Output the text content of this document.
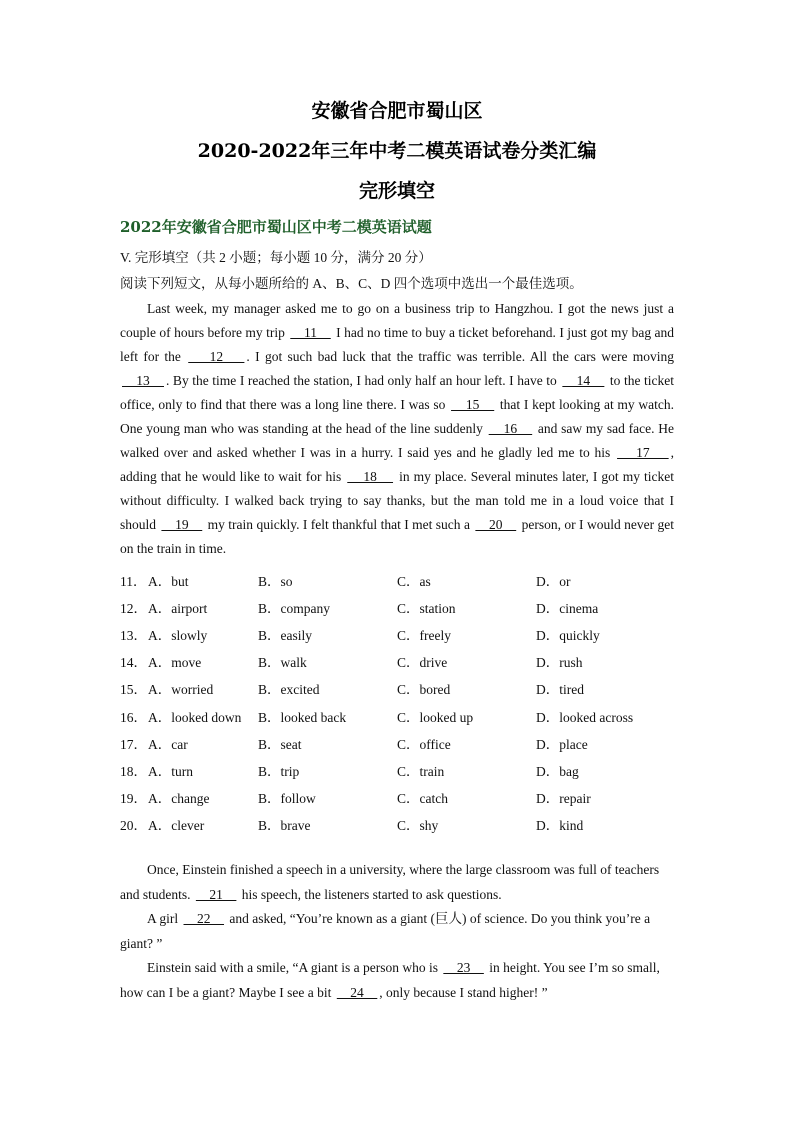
安徽省合肥市蜀山区
2020-2022年三年中考二模英语试卷分类汇编
完形填空
2022年安徽省合肥市蜀山区中考二模英语试题
V. 完形填空（共 2 小题；每小题 10 分，满分 20 分）
阅读下列短文，从每小题所给的 A、B、C、D 四个选项中选出一个最佳选项。

Last week, my manager asked me to go on a business trip to Hangzhou. I got the news just a couple of hours before my trip     11     I had no time to buy a ticket beforehand. I just got my bag and left for the     12    . I got such bad luck that the traffic was terrible. All the cars were moving     13    . By the time I reached the station, I had only half an hour left. I have to     14     to the ticket office, only to find that there was a long line there. I was so     15     that I kept looking at my watch. One young man who was standing at the head of the line suddenly     16     and saw my sad face. He walked over and asked whether I was in a hurry. I said yes and he gladly led me to his     17    , adding that he would like to wait for his     18     in my place. Several minutes later, I got my ticket without difficulty. I walked back trying to say thanks, but the man told me in a loud voice that I should     19     my train quickly. I felt thankful that I met such a     20     person, or I would never get on the train in time.

11． A．but	B．so	C．as	D．or
12． A．airport	B．company	C．station	D．cinema
13． A．slowly	B．easily	C．freely	D．quickly
14． A．move	B．walk	C．drive	D．rush
15． A．worried	B．excited	C．bored	D．tired
16． A．looked down	B．looked back	C．looked up	D．looked across
17． A．car	B．seat	C．office	D．place
18． A．turn	B．trip	C．train	D．bag
19． A．change	B．follow	C．catch	D．repair
20． A．clever	B．brave	C．shy	D．kind

Once, Einstein finished a speech in a university, where the large classroom was full of teachers and students.     21     his speech, the listeners started to ask questions.

A girl     22     and asked, “You’re known as a giant (巨人) of science. Do you think you’re a giant? ”

Einstein said with a smile, “A giant is a person who is     23     in height. You see I’m so small, how can I be a giant? Maybe I see a bit     24    , only because I stand higher! ”
